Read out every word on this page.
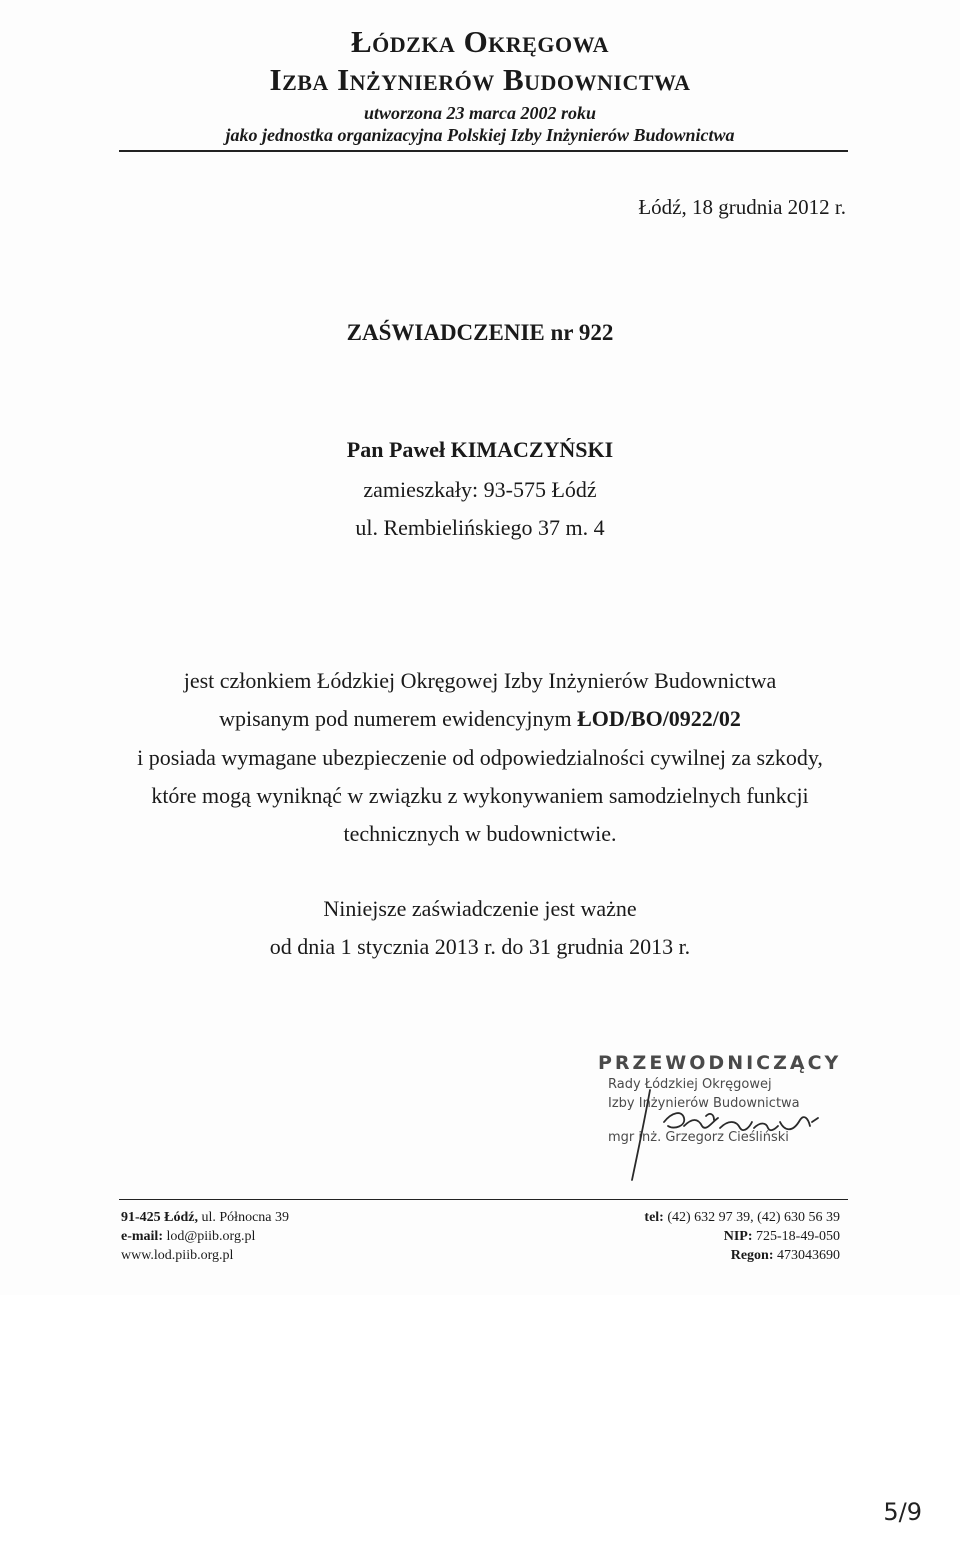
Łódzka Okręgowa

Izba Inżynierów Budownictwa

utworzona 23 marca 2002 roku

jako jednostka organizacyjna Polskiej Izby Inżynierów Budownictwa

Łódź, 18 grudnia 2012 r.

ZAŚWIADCZENIE nr 922

Pan Paweł KIMACZYŃSKI

zamieszkały: 93-575 Łódź

ul. Rembielińskiego 37 m. 4

jest członkiem Łódzkiej Okręgowej Izby Inżynierów Budownictwa

wpisanym pod numerem ewidencyjnym ŁOD/BO/0922/02

i posiada wymagane ubezpieczenie od odpowiedzialności cywilnej za szkody,

które mogą wyniknąć w związku z wykonywaniem samodzielnych funkcji

technicznych w budownictwie.

Niniejsze zaświadczenie jest ważne

od dnia 1 stycznia 2013 r. do 31 grudnia 2013 r.

PRZEWODNICZĄCY
Rady Łódzkiej Okręgowej
Izby Inżynierów Budownictwa
mgr inż. Grzegorz Cieśliński
91-425 Łódź, ul. Północna 39
e-mail: lod@piib.org.pl
www.lod.piib.org.pl
tel: (42) 632 97 39, (42) 630 56 39
NIP: 725-18-49-050
Regon: 473043690
5/9
